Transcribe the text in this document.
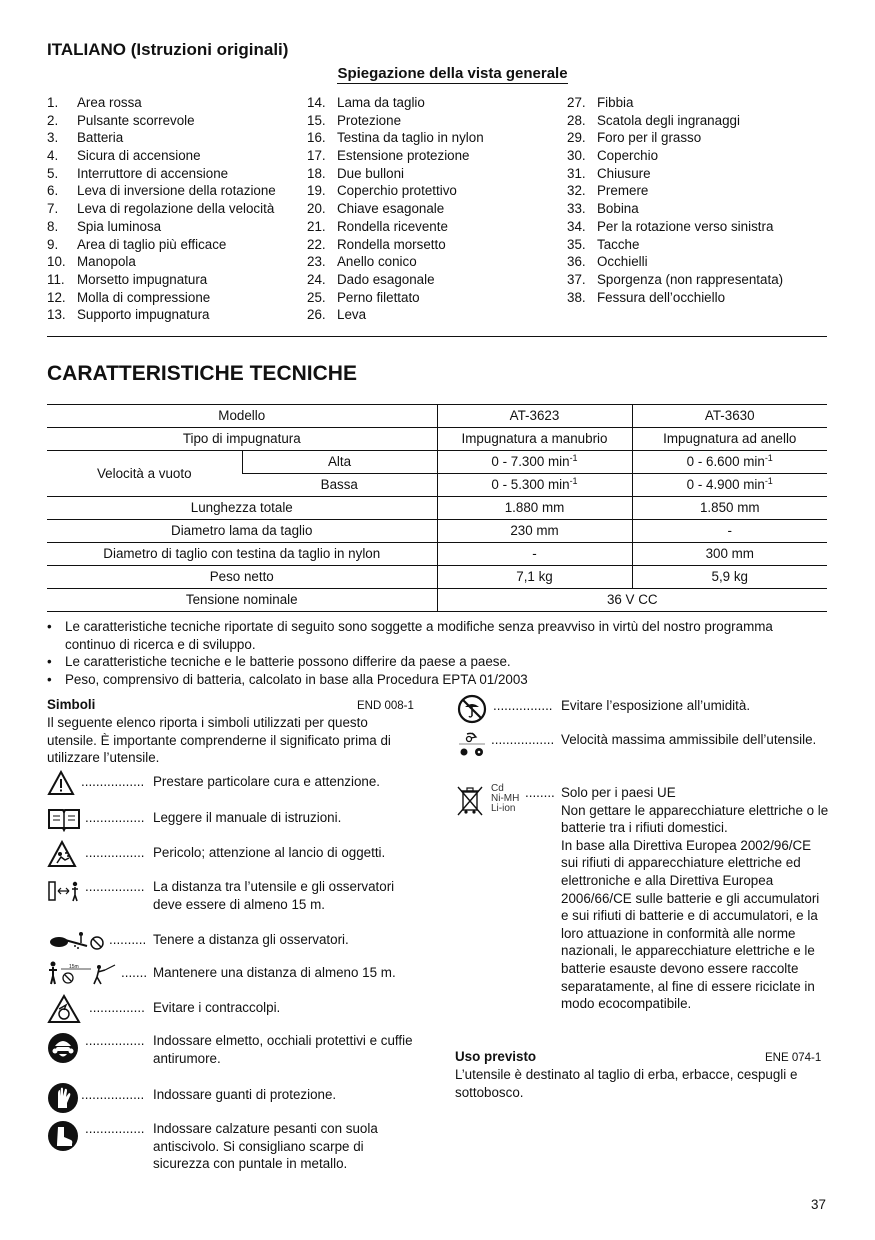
ITALIANO (Istruzioni originali)
Spiegazione della vista generale
1. Area rossa
2. Pulsante scorrevole
3. Batteria
4. Sicura di accensione
5. Interruttore di accensione
6. Leva di inversione della rotazione
7. Leva di regolazione della velocità
8. Spia luminosa
9. Area di taglio più efficace
10. Manopola
11. Morsetto impugnatura
12. Molla di compressione
13. Supporto impugnatura
14. Lama da taglio
15. Protezione
16. Testina da taglio in nylon
17. Estensione protezione
18. Due bulloni
19. Coperchio protettivo
20. Chiave esagonale
21. Rondella ricevente
22. Rondella morsetto
23. Anello conico
24. Dado esagonale
25. Perno filettato
26. Leva
27. Fibbia
28. Scatola degli ingranaggi
29. Foro per il grasso
30. Coperchio
31. Chiusure
32. Premere
33. Bobina
34. Per la rotazione verso sinistra
35. Tacche
36. Occhielli
37. Sporgenza (non rappresentata)
38. Fessura dell’occhiello
CARATTERISTICHE TECNICHE
Modello		AT-3623	AT-3630
Tipo di impugnatura		Impugnatura a manubrio	Impugnatura ad anello
Velocità a vuoto	Alta	0 - 7.300 $\min^{-1}$	0 - 6.600 $\min^{-1}$
	Bassa	0 - 5.300 $\min^{-1}$	0 - 4.900 $\min^{-1}$
Lunghezza totale		1.880 mm	1.850 mm
Diametro lama da taglio		230 mm	-
Diametro di taglio con testina da taglio in nylon		-	300 mm
Peso netto		7,1 kg	5,9 kg
Tensione nominale		36 V CC	
• Le caratteristiche tecniche riportate di seguito sono soggette a modifiche senza preavviso in virtù del nostro programma continuo di ricerca e di sviluppo.
• Le caratteristiche tecniche e le batterie possono differire da paese a paese.
• Peso, comprensivo di batteria, calcolato in base alla Procedura EPTA 01/2003
Simboli	END 008-1
Il seguente elenco riporta i simboli utilizzati per questo utensile. È importante comprenderne il significato prima di utilizzare l’utensile.
................. Prestare particolare cura e attenzione.
................ Leggere il manuale di istruzioni.
................ Pericolo; attenzione al lancio di oggetti.
................ La distanza tra l’utensile e gli osservatori deve essere di almeno 15 m.
.......... Tenere a distanza gli osservatori.
15m	....... Mantenere una distanza di almeno 15 m.
............... Evitare i contraccolpi.
................ Indossare elmetto, occhiali protettivi e cuffie antirumore.
................. Indossare guanti di protezione.
................ Indossare calzature pesanti con suola antiscivolo. Si consigliano scarpe di sicurezza con puntale in metallo.
................ Evitare l’esposizione all’umidità.
................. Velocità massima ammissibile dell’utensile.
Cd
Ni-MH
Li-ion
........ Solo per i paesi UE
Non gettare le apparecchiature elettriche o le batterie tra i rifiuti domestici.
In base alla Direttiva Europea 2002/96/CE sui rifiuti di apparecchiature elettriche ed elettroniche e alla Direttiva Europea 2006/66/CE sulle batterie e gli accumulatori e sui rifiuti di batterie e di accumulatori, e la loro attuazione in conformità alle norme nazionali, le apparecchiature elettriche e le batterie esauste devono essere raccolte separatamente, al fine di essere riciclate in modo ecocompatibile.
Uso previsto	ENE 074-1
L’utensile è destinato al taglio di erba, erbacce, cespugli e sottobosco.
37
